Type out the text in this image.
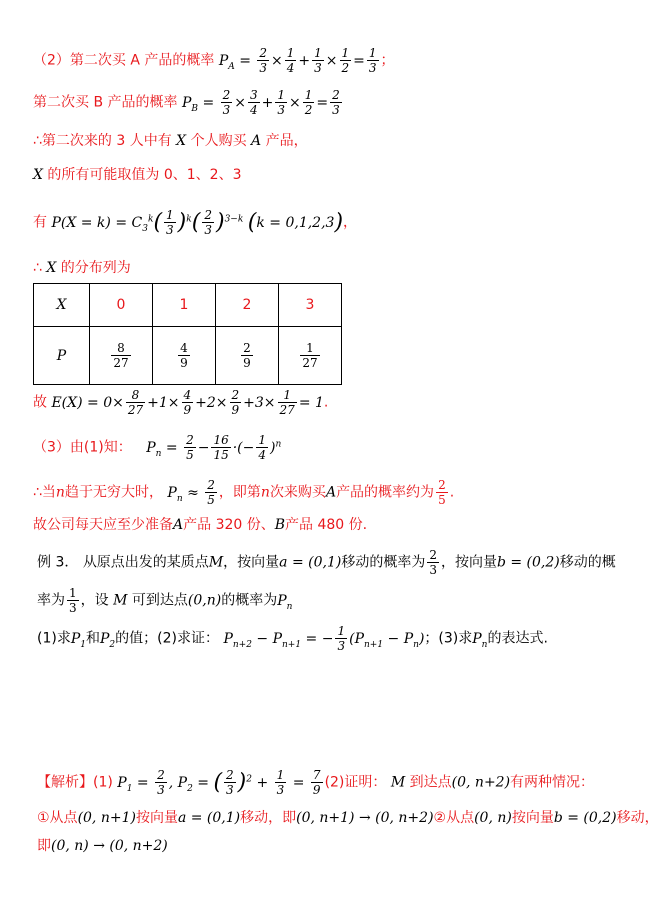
（2）第二次买 A 产品的概率 $P_A = \frac{2}{3} \times \frac{1}{4} + \frac{1}{3} \times \frac{1}{2} = \frac{1}{3}$ ；
第二次买 B 产品的概率 $P_B = \frac{2}{3} \times \frac{3}{4} + \frac{1}{3} \times \frac{1}{2} = \frac{2}{3}$
∴第二次来的 3 人中有 X 个人购买 A 产品，
X 的所有可能取值为 0、1、2、3
有 $P(X = k) = C_3^k( \frac{1}{3} )^k( \frac{2}{3} )^{3-k}$ (k = 0,1,2,3)，
∴ X 的分布列为
X	0	1	2	3
P	$\frac{8}{27}$	$\frac{4}{9}$	$\frac{2}{9}$	$\frac{1}{27}$
故 $E(X) = 0\times \frac{8}{27} +1\times \frac{4}{9} +2\times \frac{2}{9} +3\times \frac{1}{27} = 1$.
（3）由(1)知： $P_n = \frac{2}{5} - \frac{16}{15}$ ·(− $\frac{1}{4} )^n$
∴当n趋于无穷大时， $P_n \approx \frac{2}{5}$ ，即第n次来购买A产品的概率约为 $\frac{2}{5}$ .
故公司每天应至少准备A产品 320 份、B产品 480 份.
例 3． 从原点出发的某质点M，按向量a = (0,1)移动的概率为 $\frac{2}{3}$ ，按向量b = (0,2)移动的概
率为 $\frac{1}{3}$ ，设 M 可到达点(0,n)的概率为$P_n$
(1)求$P_1$和$P_2$的值；(2)求证： $P_{n+2} - P_{n+1}$ = − $\frac{1}{3} (P_{n+1} - P_n)$；(3)求$P_n$的表达式.
【解析】(1) $P_1 = \frac{2}{3}$ , $P_2$ = ( $\frac{2}{3} )^2 + \frac{1}{3} = \frac{7}{9} (2)$证明： M 到达点(0, n+2)有两种情况：
①从点(0, n+1)按向量a = (0,1)移动，即(0, n+1) → (0, n+2)②从点(0, n)按向量b = (0,2)移动，
即(0, n) → (0, n+2)
